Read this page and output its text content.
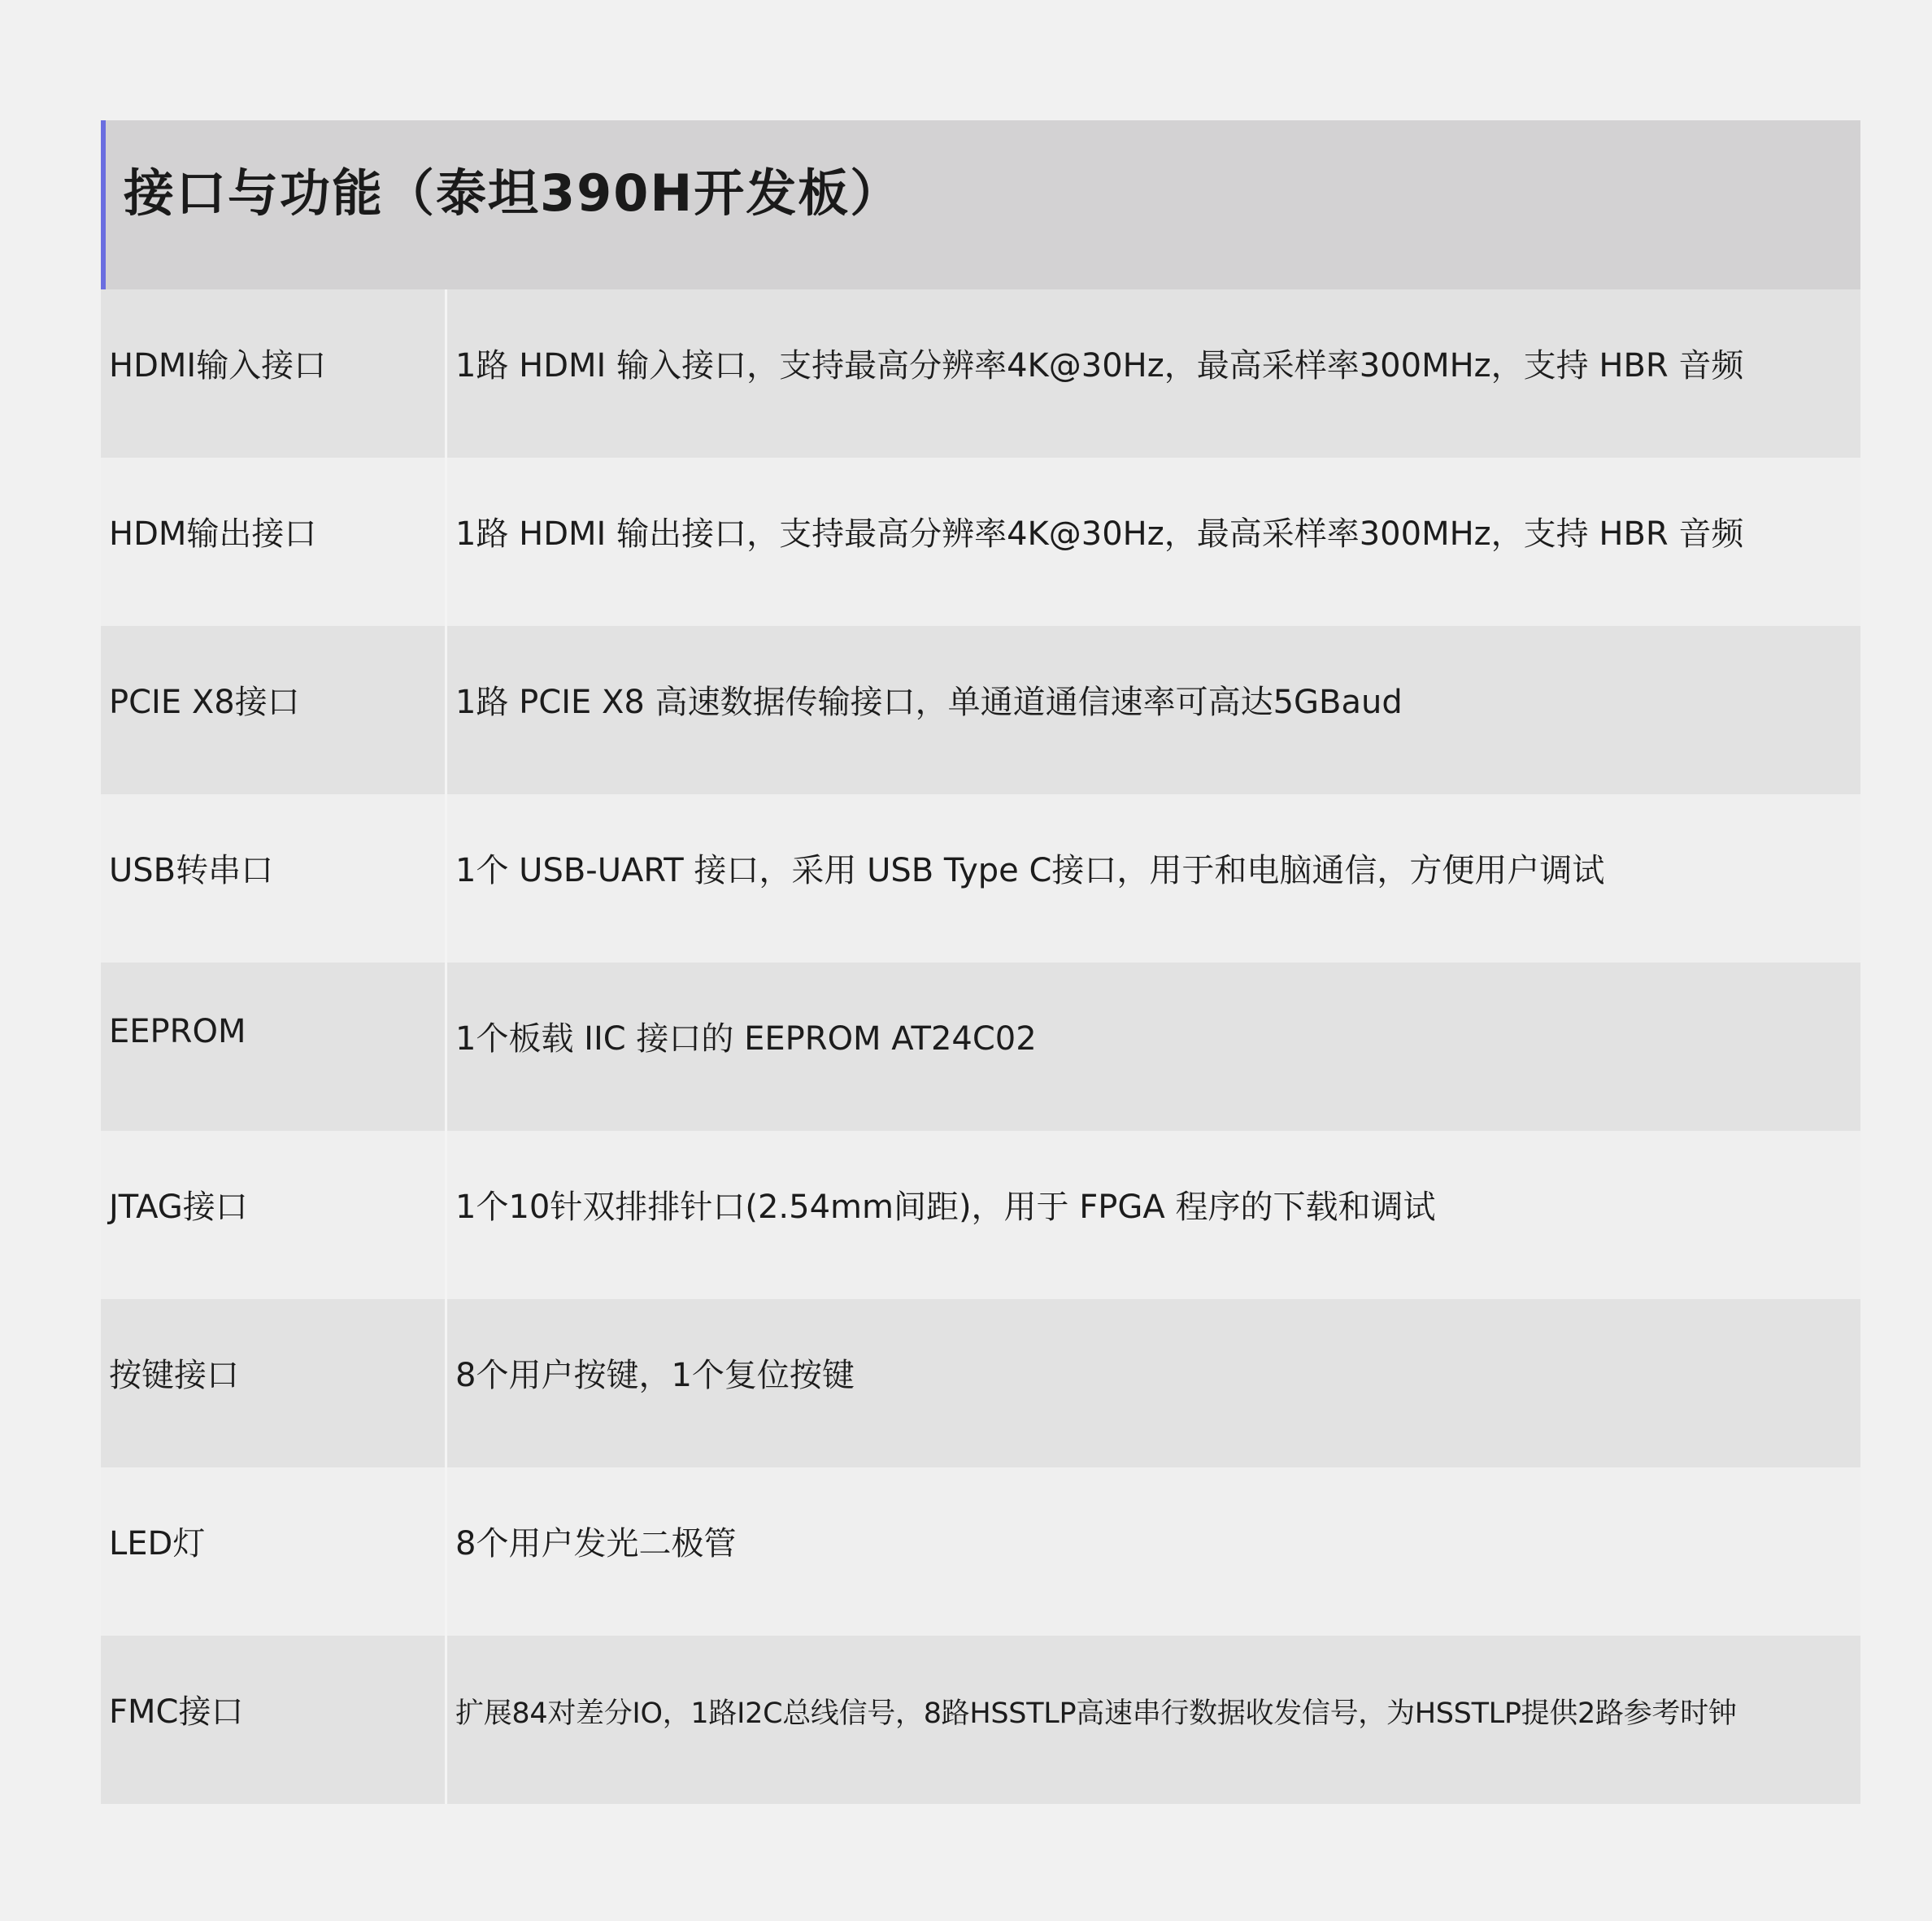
接口与功能（泰坦390H开发板）
HDMI输入接口	1路 HDMI 输入接口，支持最高分辨率4K@30Hz，最高采样率300MHz，支持 HBR 音频
HDM输出接口	1路 HDMI 输出接口，支持最高分辨率4K@30Hz，最高采样率300MHz，支持 HBR 音频
PCIE X8接口	1路 PCIE X8 高速数据传输接口，单通道通信速率可高达5GBaud
USB转串口	1个 USB-UART 接口，采用 USB Type C接口，用于和电脑通信，方便用户调试
EEPROM	1个板载 IIC 接口的 EEPROM AT24C02
JTAG接口	1个10针双排排针口(2.54mm间距)，用于 FPGA 程序的下载和调试
按键接口	8个用户按键，1个复位按键
LED灯	8个用户发光二极管
FMC接口	扩展84对差分IO，1路I2C总线信号，8路HSSTLP高速串行数据收发信号，为HSSTLP提供2路参考时钟
